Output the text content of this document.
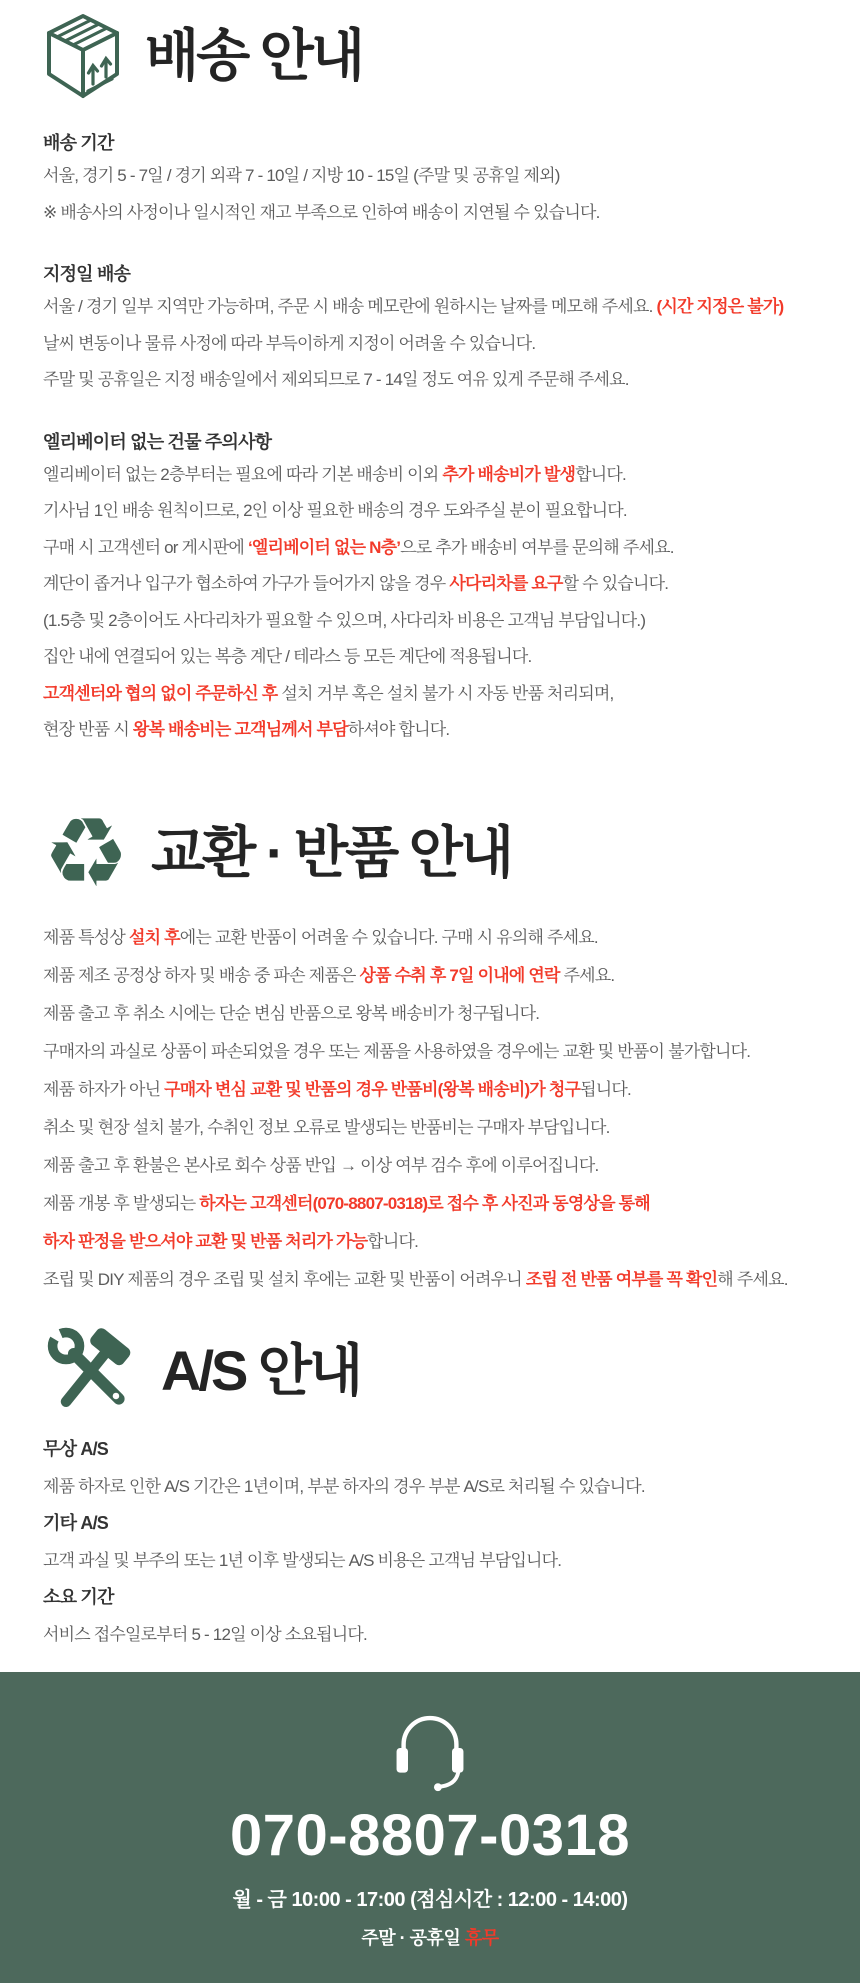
배송 안내
배송 기간

서울, 경기 5 - 7일 / 경기 외곽 7 - 10일 / 지방 10 - 15일 (주말 및 공휴일 제외)

※ 배송사의 사정이나 일시적인 재고 부족으로 인하여 배송이 지연될 수 있습니다.

지정일 배송

서울 / 경기 일부 지역만 가능하며, 주문 시 배송 메모란에 원하시는 날짜를 메모해 주세요. (시간 지정은 불가)

날씨 변동이나 물류 사정에 따라 부득이하게 지정이 어려울 수 있습니다.

주말 및 공휴일은 지정 배송일에서 제외되므로 7 - 14일 정도 여유 있게 주문해 주세요.

엘리베이터 없는 건물 주의사항

엘리베이터 없는 2층부터는 필요에 따라 기본 배송비 이외 추가 배송비가 발생합니다.

기사님 1인 배송 원칙이므로, 2인 이상 필요한 배송의 경우 도와주실 분이 필요합니다.

구매 시 고객센터 or 게시판에 ‘엘리베이터 없는 N층’으로 추가 배송비 여부를 문의해 주세요.

계단이 좁거나 입구가 협소하여 가구가 들어가지 않을 경우 사다리차를 요구할 수 있습니다.

(1.5층 및 2층이어도 사다리차가 필요할 수 있으며, 사다리차 비용은 고객님 부담입니다.)

집안 내에 연결되어 있는 복층 계단 / 테라스 등 모든 계단에 적용됩니다.

고객센터와 협의 없이 주문하신 후 설치 거부 혹은 설치 불가 시 자동 반품 처리되며,

현장 반품 시 왕복 배송비는 고객님께서 부담하셔야 합니다.

♻ 교환 · 반품 안내

제품 특성상 설치 후에는 교환 반품이 어려울 수 있습니다. 구매 시 유의해 주세요.

제품 제조 공정상 하자 및 배송 중 파손 제품은 상품 수취 후 7일 이내에 연락 주세요.

제품 출고 후 취소 시에는 단순 변심 반품으로 왕복 배송비가 청구됩니다.

구매자의 과실로 상품이 파손되었을 경우 또는 제품을 사용하였을 경우에는 교환 및 반품이 불가합니다.

제품 하자가 아닌 구매자 변심 교환 및 반품의 경우 반품비(왕복 배송비)가 청구됩니다.

취소 및 현장 설치 불가, 수취인 정보 오류로 발생되는 반품비는 구매자 부담입니다.

제품 출고 후 환불은 본사로 회수 상품 반입 → 이상 여부 검수 후에 이루어집니다.

제품 개봉 후 발생되는 하자는 고객센터(070-8807-0318)로 접수 후 사진과 동영상을 통해

하자 판정을 받으셔야 교환 및 반품 처리가 가능합니다.

조립 및 DIY 제품의 경우 조립 및 설치 후에는 교환 및 반품이 어려우니 조립 전 반품 여부를 꼭 확인해 주세요.

A/S 안내
무상 A/S

제품 하자로 인한 A/S 기간은 1년이며, 부분 하자의 경우 부분 A/S로 처리될 수 있습니다.

기타 A/S

고객 과실 및 부주의 또는 1년 이후 발생되는 A/S 비용은 고객님 부담입니다.

소요 기간

서비스 접수일로부터 5 - 12일 이상 소요됩니다.

070-8807-0318
월 - 금 10:00 - 17:00 (점심시간 : 12:00 - 14:00)
주말 · 공휴일 휴무
